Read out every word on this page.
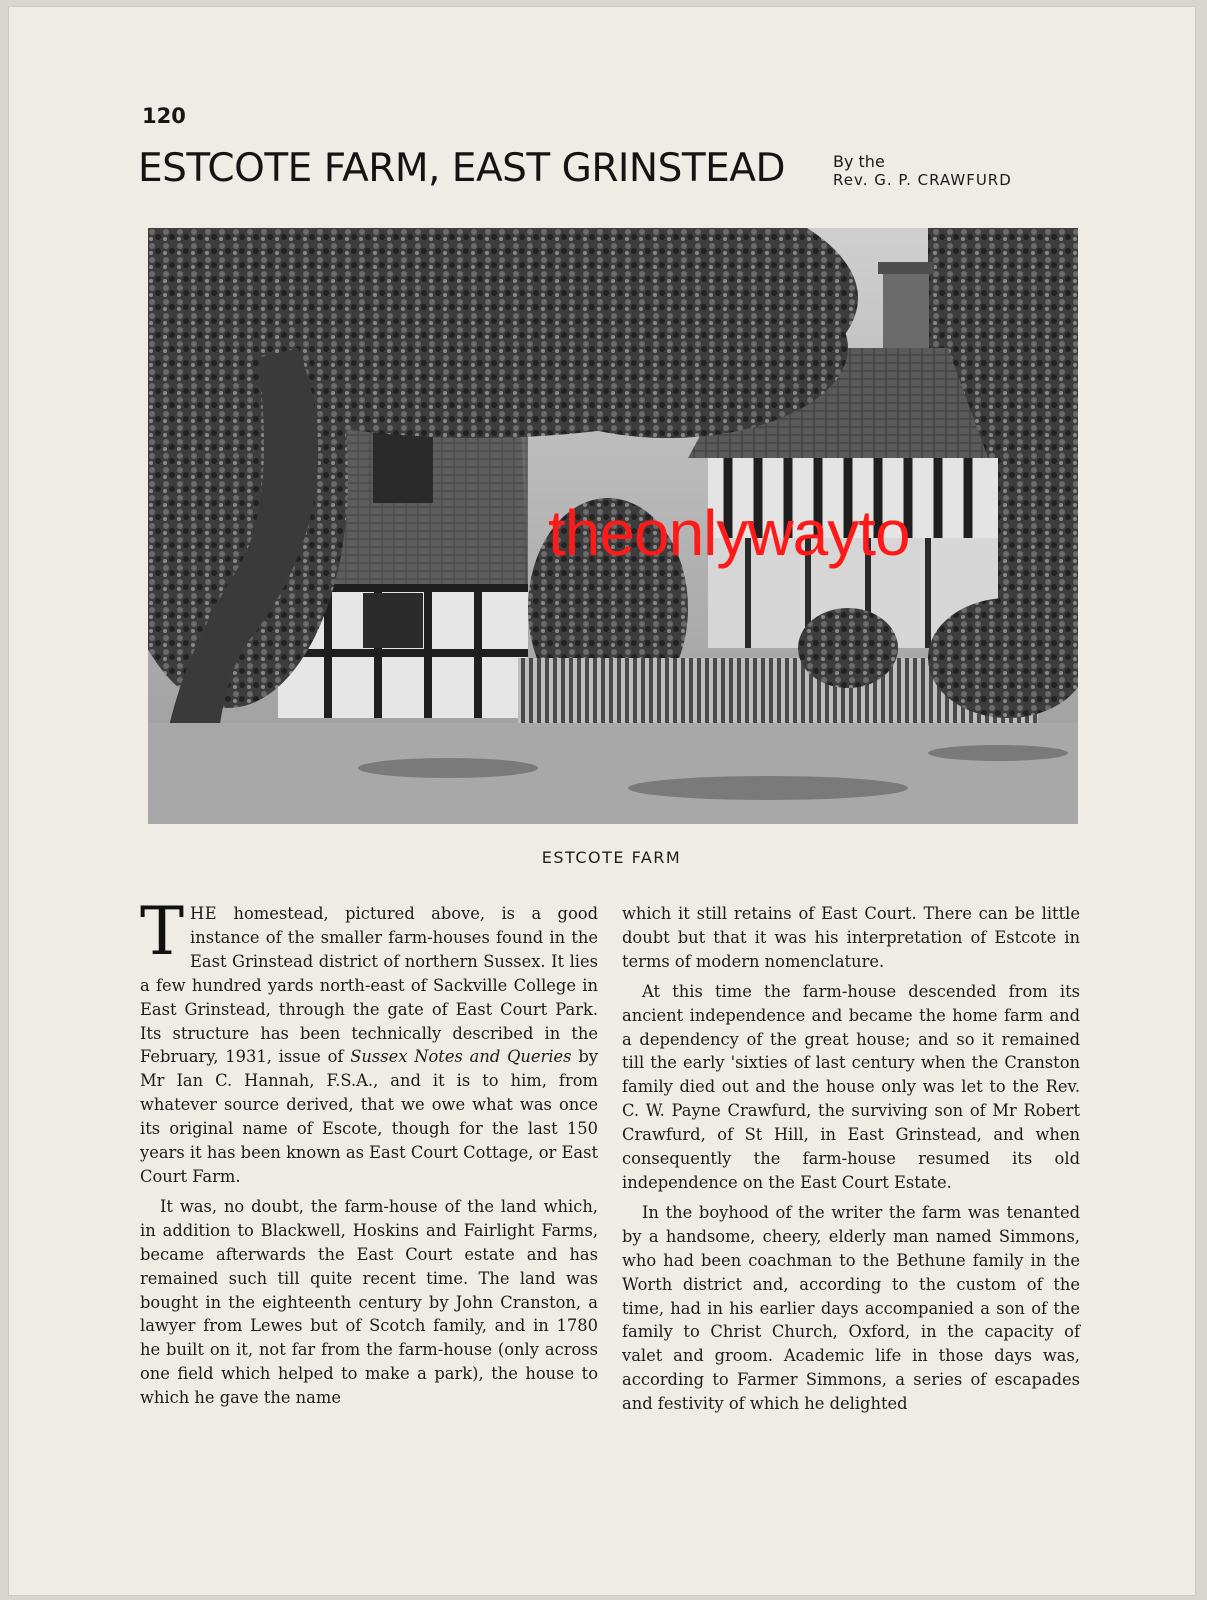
120
ESTCOTE FARM, EAST GRINSTEAD	By the
Rev. G. P. CRAWFURD
theonlywayto
ESTCOTE FARM

THE homestead, pictured above, is a good instance of the smaller farm-houses found in the East Grinstead district of northern Sussex. It lies a few hundred yards north-east of Sackville College in East Grinstead, through the gate of East Court Park. Its structure has been technically described in the February, 1931, issue of Sussex Notes and Queries by Mr Ian C. Hannah, F.S.A., and it is to him, from whatever source derived, that we owe what was once its original name of Escote, though for the last 150 years it has been known as East Court Cottage, or East Court Farm.

It was, no doubt, the farm-house of the land which, in addition to Blackwell, Hoskins and Fairlight Farms, became afterwards the East Court estate and has remained such till quite recent time. The land was bought in the eighteenth century by John Cranston, a lawyer from Lewes but of Scotch family, and in 1780 he built on it, not far from the farm-house (only across one field which helped to make a park), the house to which he gave the name

which it still retains of East Court. There can be little doubt but that it was his interpretation of Estcote in terms of modern nomenclature.

At this time the farm-house descended from its ancient independence and became the home farm and a dependency of the great house; and so it remained till the early 'sixties of last century when the Cranston family died out and the house only was let to the Rev. C. W. Payne Crawfurd, the surviving son of Mr Robert Crawfurd, of St Hill, in East Grinstead, and when consequently the farm-house resumed its old independence on the East Court Estate.

In the boyhood of the writer the farm was tenanted by a handsome, cheery, elderly man named Simmons, who had been coachman to the Bethune family in the Worth district and, according to the custom of the time, had in his earlier days accompanied a son of the family to Christ Church, Oxford, in the capacity of valet and groom. Academic life in those days was, according to Farmer Simmons, a series of escapades and festivity of which he delighted
